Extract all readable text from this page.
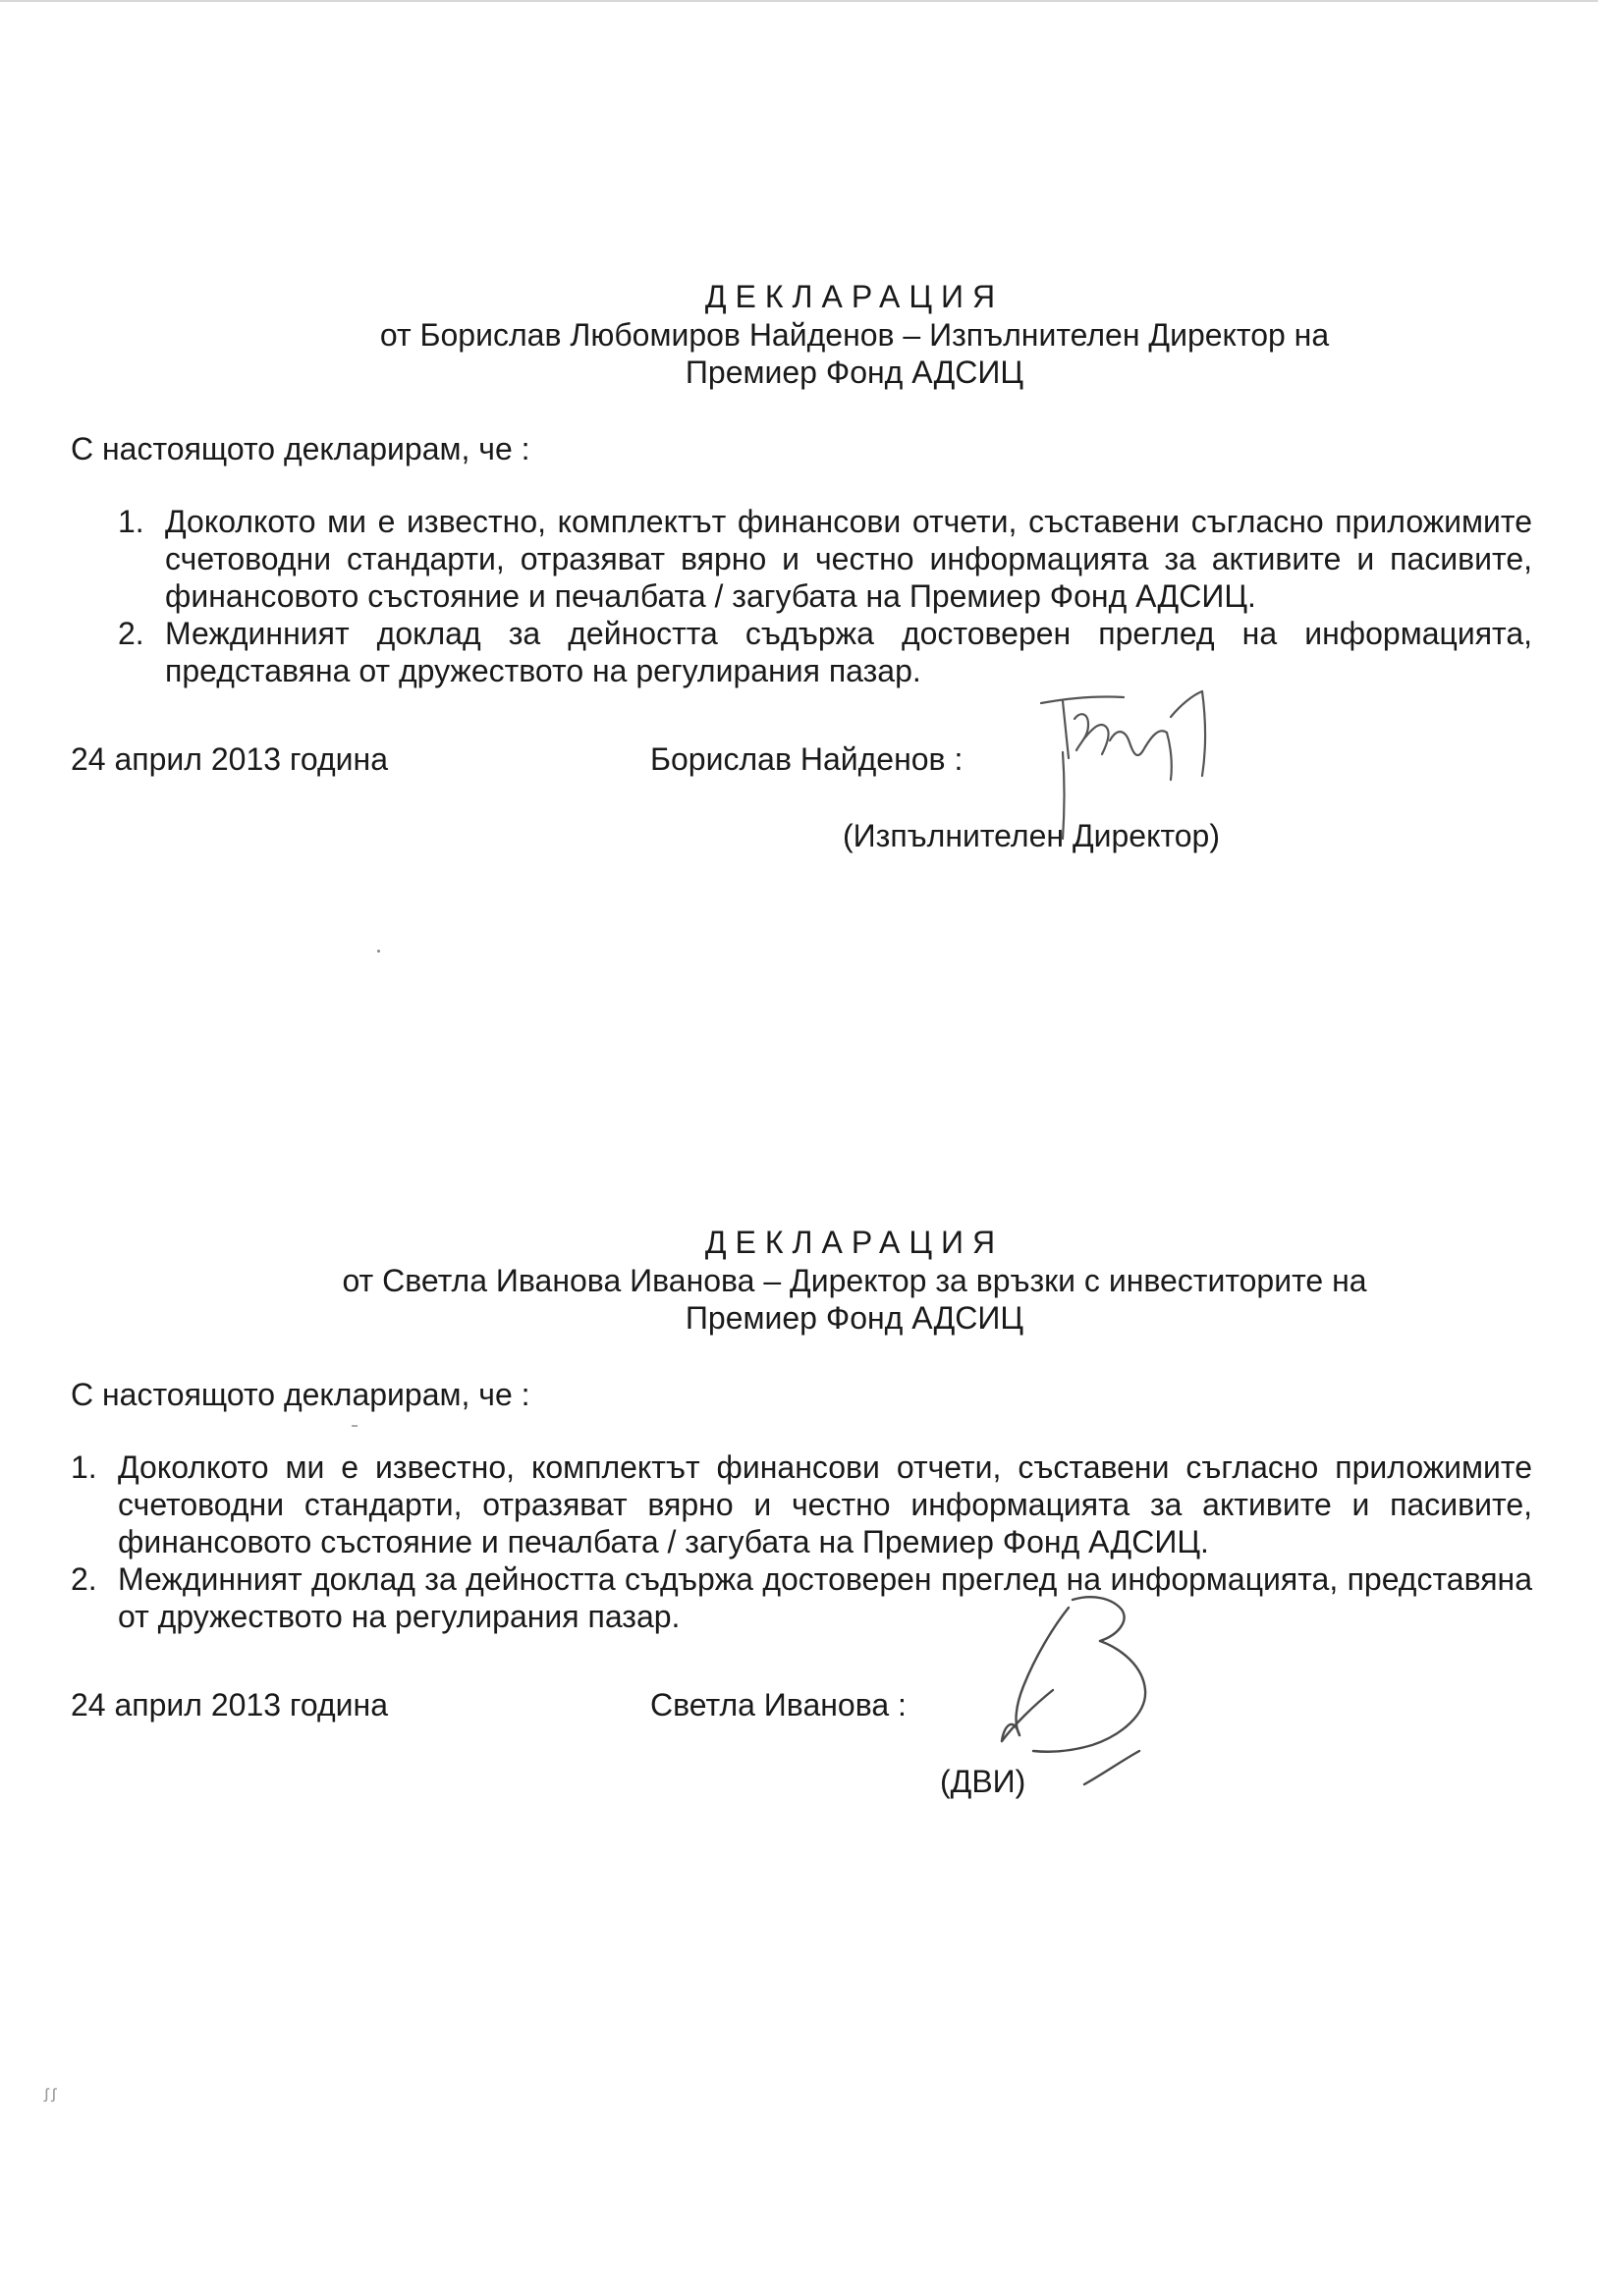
ДЕКЛАРАЦИЯ

от Борислав Любомиров Найденов – Изпълнителен Директор на

Премиер Фонд АДСИЦ

С настоящото декларирам, че :

1. Доколкото ми е известно, комплектът финансови отчети, съставени съгласно приложимите счетоводни стандарти, отразяват вярно и честно информацията за активите и пасивите, финансовото състояние и печалбата / загубата на Премиер Фонд АДСИЦ.
2. Междинният доклад за дейността съдържа достоверен преглед на информацията, представяна от дружеството на регулирания пазар.
24 април 2013 година	Борислав Найденов :
(Изпълнителен Директор)
ДЕКЛАРАЦИЯ

от Светла Иванова Иванова – Директор за връзки с инвеститорите на

Премиер Фонд АДСИЦ

С настоящото декларирам, че :

1. Доколкото ми е известно, комплектът финансови отчети, съставени съгласно приложимите счетоводни стандарти, отразяват вярно и честно информацията за активите и пасивите, финансовото състояние и печалбата / загубата на Премиер Фонд АДСИЦ.
2. Междинният доклад за дейността съдържа достоверен преглед на информацията, представяна от дружеството на регулирания пазар.
24 април 2013 година	Светла Иванова :
(ДВИ)
ꭍꭍ
